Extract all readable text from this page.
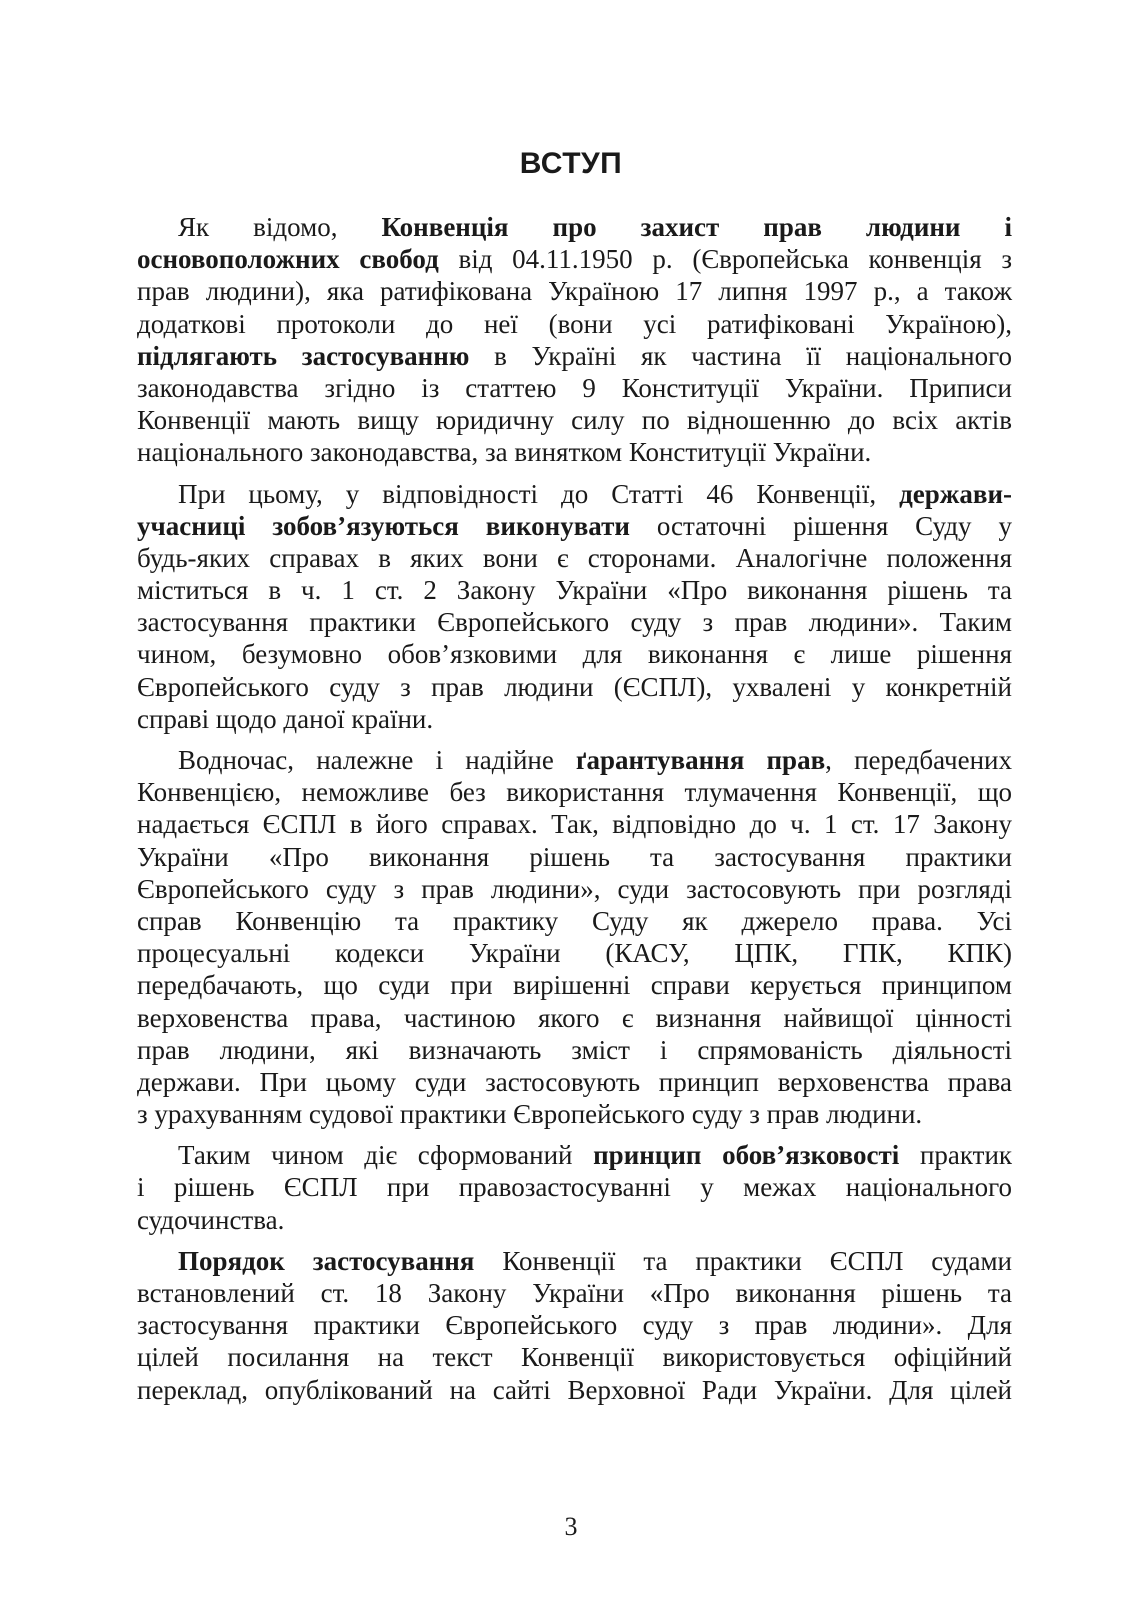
ВСТУП
Як відомо, Конвенція про захист прав людини і
основоположних свобод від 04.11.1950 р. (Європейська конвенція з
прав людини), яка ратифікована Україною 17 липня 1997 р., а також
додаткові протоколи до неї (вони усі ратифіковані Україною),
підлягають застосуванню в Україні як частина її національного
законодавства згідно із статтею 9 Конституції України. Приписи
Конвенції мають вищу юридичну силу по відношенню до всіх актів
національного законодавства, за винятком Конституції України.
При цьому, у відповідності до Статті 46 Конвенції, держави-
учасниці зобов’язуються виконувати остаточні рішення Суду у
будь-яких справах в яких вони є сторонами. Аналогічне положення
міститься в ч. 1 ст. 2 Закону України «Про виконання рішень та
застосування практики Європейського суду з прав людини». Таким
чином, безумовно обов’язковими для виконання є лише рішення
Європейського суду з прав людини (ЄСПЛ), ухвалені у конкретній
справі щодо даної країни.
Водночас, належне і надійне ґарантування прав, передбачених
Конвенцією, неможливе без використання тлумачення Конвенції, що
надається ЄСПЛ в його справах. Так, відповідно до ч. 1 ст. 17 Закону
України «Про виконання рішень та застосування практики
Європейського суду з прав людини», суди застосовують при розгляді
справ Конвенцію та практику Суду як джерело права. Усі
процесуальні кодекси України (КАСУ, ЦПК, ГПК, КПК)
передбачають, що суди при вирішенні справи керується принципом
верховенства права, частиною якого є визнання найвищої цінності
прав людини, які визначають зміст і спрямованість діяльності
держави. При цьому суди застосовують принцип верховенства права
з урахуванням судової практики Європейського суду з прав людини.
Таким чином діє сформований принцип обов’язковості практик
і рішень ЄСПЛ при правозастосуванні у межах національного
судочинства.
Порядок застосування Конвенції та практики ЄСПЛ судами
встановлений ст. 18 Закону України «Про виконання рішень та
застосування практики Європейського суду з прав людини». Для
цілей посилання на текст Конвенції використовується офіційний
переклад, опублікований на сайті Верховної Ради України. Для цілей
3
